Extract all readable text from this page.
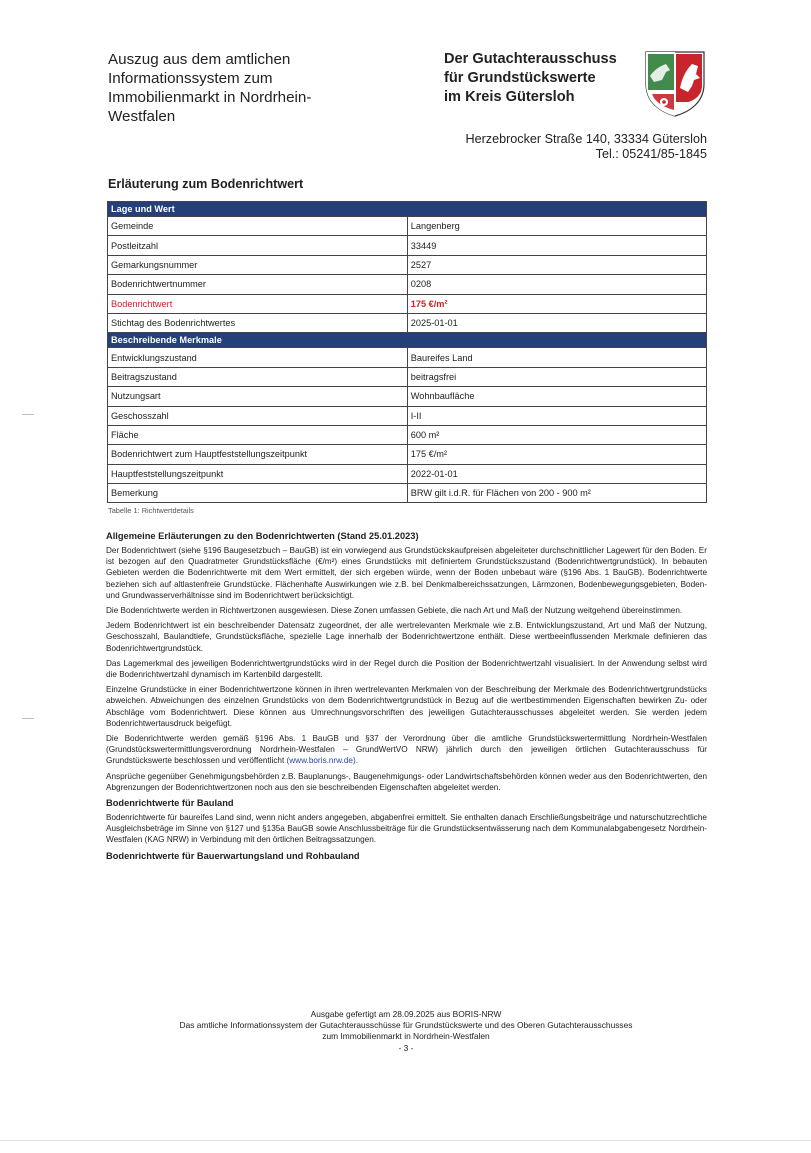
Auszug aus dem amtlichen Informationssystem zum Immobilienmarkt in Nordrhein-Westfalen
Der Gutachterausschuss
für Grundstückswerte
im Kreis Gütersloh
Herzebrocker Straße 140, 33334 Gütersloh
Tel.: 05241/85-1845
Erläuterung zum Bodenrichtwert
Lage und Wert	
Gemeinde	Langenberg
Postleitzahl	33449
Gemarkungsnummer	2527
Bodenrichtwertnummer	0208
Bodenrichtwert	175 €/m²
Stichtag des Bodenrichtwertes	2025-01-01
Beschreibende Merkmale	
Entwicklungszustand	Baureifes Land
Beitragszustand	beitragsfrei
Nutzungsart	Wohnbaufläche
Geschosszahl	I-II
Fläche	600 m²
Bodenrichtwert zum Hauptfeststellungszeitpunkt	175 €/m²
Hauptfeststellungszeitpunkt	2022-01-01
Bemerkung	BRW gilt i.d.R. für Flächen von 200 - 900 m²
Tabelle 1: Richtwertdetails
Allgemeine Erläuterungen zu den Bodenrichtwerten (Stand 25.01.2023)

Der Bodenrichtwert (siehe §196 Baugesetzbuch – BauGB) ist ein vorwiegend aus Grundstückskaufpreisen abgeleiteter durchschnittlicher Lagewert für den Boden. Er ist bezogen auf den Quadratmeter Grundstücksfläche (€/m²) eines Grundstücks mit definiertem Grundstückszustand (Bodenrichtwertgrundstück). In bebauten Gebieten werden die Bodenrichtwerte mit dem Wert ermittelt, der sich ergeben würde, wenn der Boden unbebaut wäre (§196 Abs. 1 BauGB). Bodenrichtwerte beziehen sich auf altlastenfreie Grundstücke. Flächenhafte Auswirkungen wie z.B. bei Denkmalbereichssatzungen, Lärmzonen, Bodenbewegungsgebieten, Boden- und Grundwasserverhältnisse sind im Bodenrichtwert berücksichtigt.

Die Bodenrichtwerte werden in Richtwertzonen ausgewiesen. Diese Zonen umfassen Gebiete, die nach Art und Maß der Nutzung weitgehend übereinstimmen.

Jedem Bodenrichtwert ist ein beschreibender Datensatz zugeordnet, der alle wertrelevanten Merkmale wie z.B. Entwicklungszustand, Art und Maß der Nutzung, Geschosszahl, Baulandtiefe, Grundstücksfläche, spezielle Lage innerhalb der Bodenrichtwertzone enthält. Diese wertbeeinflussenden Merkmale definieren das Bodenrichtwertgrundstück.

Das Lagemerkmal des jeweiligen Bodenrichtwertgrundstücks wird in der Regel durch die Position der Bodenrichtwertzahl visualisiert. In der Anwendung selbst wird die Bodenrichtwertzahl dynamisch im Kartenbild dargestellt.

Einzelne Grundstücke in einer Bodenrichtwertzone können in ihren wertrelevanten Merkmalen von der Beschreibung der Merkmale des Bodenrichtwertgrundstücks abweichen. Abweichungen des einzelnen Grundstücks von dem Bodenrichtwertgrundstück in Bezug auf die wertbestimmenden Eigenschaften bewirken Zu- oder Abschläge vom Bodenrichtwert. Diese können aus Umrechnungsvorschriften des jeweiligen Gutachterausschusses abgeleitet werden. Sie werden jedem Bodenrichtwertausdruck beigefügt.

Die Bodenrichtwerte werden gemäß §196 Abs. 1 BauGB und §37 der Verordnung über die amtliche Grundstückswertermittlung Nordrhein-Westfalen (Grundstückswertermittlungsverordnung Nordrhein-Westfalen – GrundWertVO NRW) jährlich durch den jeweiligen örtlichen Gutachterausschuss für Grundstückswerte beschlossen und veröffentlicht (www.boris.nrw.de).

Ansprüche gegenüber Genehmigungsbehörden z.B. Bauplanungs-, Baugenehmigungs- oder Landwirtschaftsbehörden können weder aus den Bodenrichtwerten, den Abgrenzungen der Bodenrichtwertzonen noch aus den sie beschreibenden Eigenschaften abgeleitet werden.

Bodenrichtwerte für Bauland

Bodenrichtwerte für baureifes Land sind, wenn nicht anders angegeben, abgabenfrei ermittelt. Sie enthalten danach Erschließungsbeiträge und naturschutzrechtliche Ausgleichsbeträge im Sinne von §127 und §135a BauGB sowie Anschlussbeiträge für die Grundstücksentwässerung nach dem Kommunalabgabengesetz Nordrhein-Westfalen (KAG NRW) in Verbindung mit den örtlichen Beitragssatzungen.

Bodenrichtwerte für Bauerwartungsland und Rohbauland
Ausgabe gefertigt am 28.09.2025 aus BORIS-NRW
Das amtliche Informationssystem der Gutachterausschüsse für Grundstückswerte und des Oberen Gutachterausschusses
zum Immobilienmarkt in Nordrhein-Westfalen
- 3 -
